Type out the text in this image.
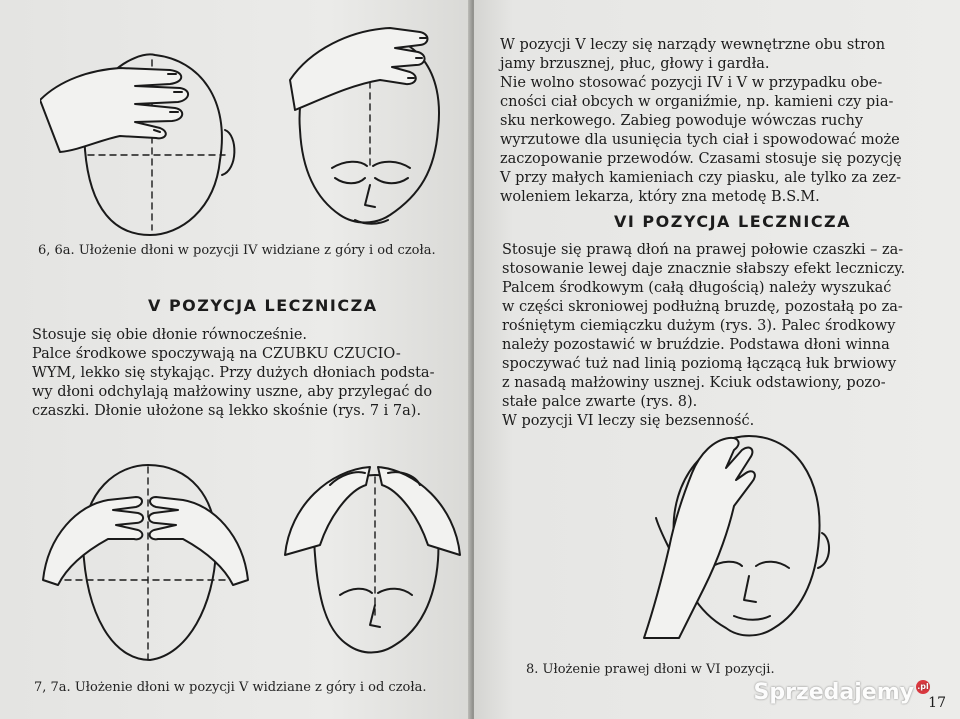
6, 6a. Ułożenie dłoni w pozycji IV widziane z góry i od czoła.
V POZYCJA LECZNICZA
Stosuje się obie dłonie równocześnie.
Palce środkowe spoczywają na CZUBKU CZUCIO-
WYM, lekko się stykając. Przy dużych dłoniach podsta-
wy dłoni odchylają małżowiny uszne, aby przylegać do
czaszki. Dłonie ułożone są lekko skośnie (rys. 7 i 7a).
7, 7a. Ułożenie dłoni w pozycji V widziane z góry i od czoła.
W pozycji V leczy się narządy wewnętrzne obu stron
jamy brzusznej, płuc, głowy i gardła.
Nie wolno stosować pozycji IV i V w przypadku obe-
cności ciał obcych w organiźmie, np. kamieni czy pia-
sku nerkowego. Zabieg powoduje wówczas ruchy
wyrzutowe dla usunięcia tych ciał i spowodować może
zaczopowanie przewodów. Czasami stosuje się pozycję
V przy małych kamieniach czy piasku, ale tylko za zez-
woleniem lekarza, który zna metodę B.S.M.
VI POZYCJA LECZNICZA
Stosuje się prawą dłoń na prawej połowie czaszki – za-
stosowanie lewej daje znacznie słabszy efekt leczniczy.
Palcem środkowym (całą długością) należy wyszukać
w części skroniowej podłużną bruzdę, pozostałą po za-
rośniętym ciemiączku dużym (rys. 3). Palec środkowy
należy pozostawić w bruździe. Podstawa dłoni winna
spoczywać tuż nad linią poziomą łączącą łuk brwiowy
z nasadą małżowiny usznej. Kciuk odstawiony, pozo-
stałe palce zwarte (rys. 8).
W pozycji VI leczy się bezsenność.
8. Ułożenie prawej dłoni w VI pozycji.
17
Sprzedajemy .pl
